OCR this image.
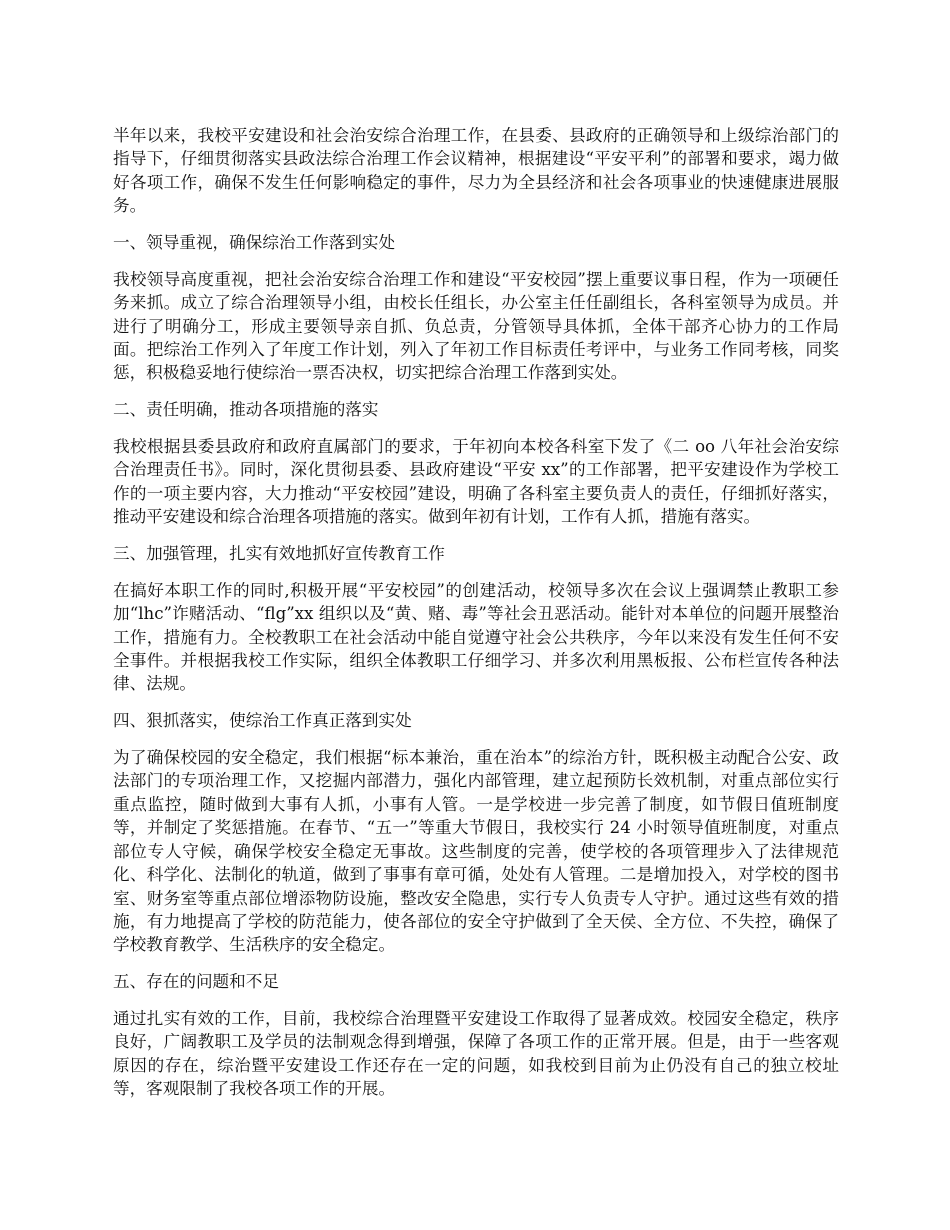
半年以来，我校平安建设和社会治安综合治理工作，在县委、县政府的正确领导和上级综治部门的指导下，仔细贯彻落实县政法综合治理工作会议精神，根据建设“平安平利”的部署和要求，竭力做好各项工作，确保不发生任何影响稳定的事件，尽力为全县经济和社会各项事业的快速健康进展服务。

一、领导重视，确保综治工作落到实处

我校领导高度重视，把社会治安综合治理工作和建设“平安校园”摆上重要议事日程，作为一项硬任务来抓。成立了综合治理领导小组，由校长任组长，办公室主任任副组长，各科室领导为成员。并进行了明确分工，形成主要领导亲自抓、负总责，分管领导具体抓，全体干部齐心协力的工作局面。把综治工作列入了年度工作计划，列入了年初工作目标责任考评中，与业务工作同考核，同奖惩，积极稳妥地行使综治一票否决权，切实把综合治理工作落到实处。

二、责任明确，推动各项措施的落实

我校根据县委县政府和政府直属部门的要求，于年初向本校各科室下发了《二 oo 八年社会治安综合治理责任书》。同时，深化贯彻县委、县政府建设“平安 xx”的工作部署，把平安建设作为学校工作的一项主要内容，大力推动“平安校园”建设，明确了各科室主要负责人的责任，仔细抓好落实，推动平安建设和综合治理各项措施的落实。做到年初有计划，工作有人抓，措施有落实。

三、加强管理，扎实有效地抓好宣传教育工作

在搞好本职工作的同时,积极开展“平安校园”的创建活动，校领导多次在会议上强调禁止教职工参加“lhc”诈赌活动、“flg”xx 组织以及“黄、赌、毒”等社会丑恶活动。能针对本单位的问题开展整治工作，措施有力。全校教职工在社会活动中能自觉遵守社会公共秩序，今年以来没有发生任何不安全事件。并根据我校工作实际，组织全体教职工仔细学习、并多次利用黑板报、公布栏宣传各种法律、法规。

四、狠抓落实，使综治工作真正落到实处

为了确保校园的安全稳定，我们根据“标本兼治，重在治本”的综治方针，既积极主动配合公安、政法部门的专项治理工作，又挖掘内部潜力，强化内部管理，建立起预防长效机制，对重点部位实行重点监控，随时做到大事有人抓，小事有人管。一是学校进一步完善了制度，如节假日值班制度等，并制定了奖惩措施。在春节、“五一”等重大节假日，我校实行 24 小时领导值班制度，对重点部位专人守候，确保学校安全稳定无事故。这些制度的完善，使学校的各项管理步入了法律规范化、科学化、法制化的轨道，做到了事事有章可循，处处有人管理。二是增加投入，对学校的图书室、财务室等重点部位增添物防设施，整改安全隐患，实行专人负责专人守护。通过这些有效的措施，有力地提高了学校的防范能力，使各部位的安全守护做到了全天侯、全方位、不失控，确保了学校教育教学、生活秩序的安全稳定。

五、存在的问题和不足

通过扎实有效的工作，目前，我校综合治理暨平安建设工作取得了显著成效。校园安全稳定，秩序良好，广阔教职工及学员的法制观念得到增强，保障了各项工作的正常开展。但是，由于一些客观原因的存在，综治暨平安建设工作还存在一定的问题，如我校到目前为止仍没有自己的独立校址等，客观限制了我校各项工作的开展。
